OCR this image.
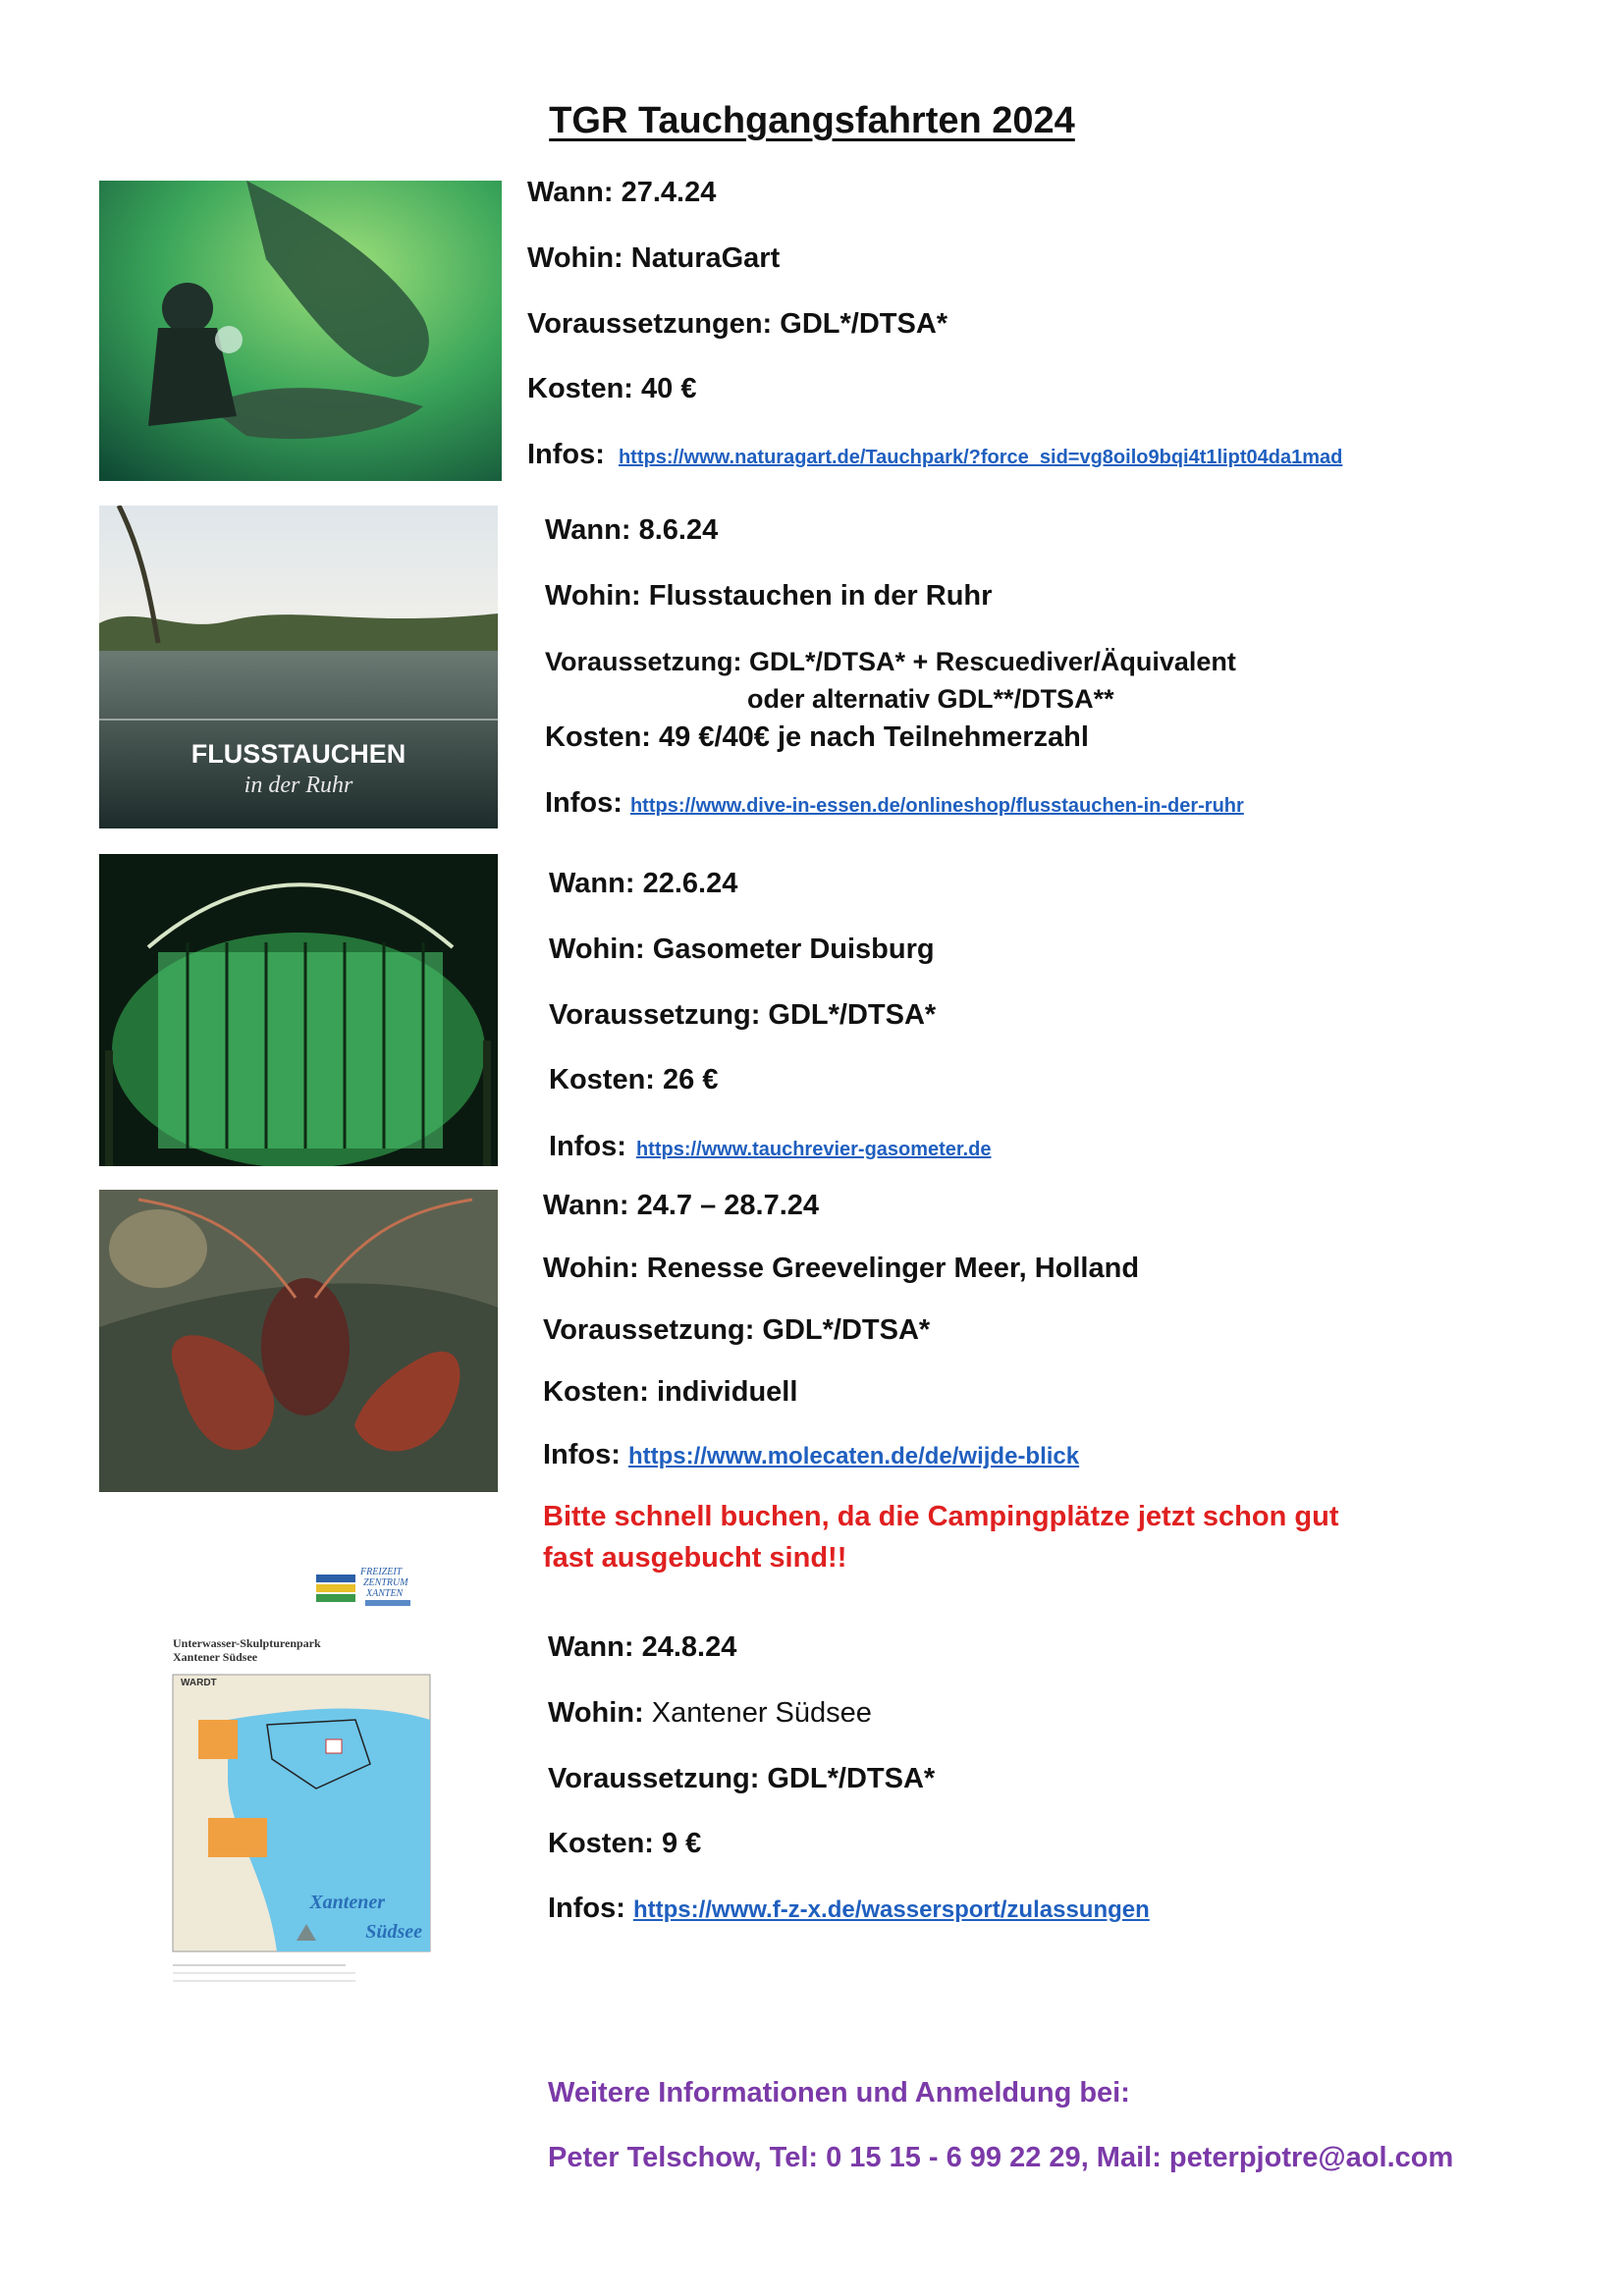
TGR Tauchgangsfahrten 2024
Wann: 27.4.24
Wohin: NaturaGart
Voraussetzungen: GDL*/DTSA*
Kosten: 40 €
Infos: https://www.naturagart.de/Tauchpark/?force_sid=vg8oilo9bqi4t1lipt04da1mad
FLUSSTAUCHEN
in der Ruhr
Wann: 8.6.24
Wohin: Flusstauchen in der Ruhr
Voraussetzung: GDL*/DTSA* + Rescuediver/Äquivalent
oder alternativ GDL**/DTSA**
Kosten: 49 €/40€ je nach Teilnehmerzahl
Infos: https://www.dive-in-essen.de/onlineshop/flusstauchen-in-der-ruhr
Wann: 22.6.24
Wohin: Gasometer Duisburg
Voraussetzung: GDL*/DTSA*
Kosten: 26 €
Infos: https://www.tauchrevier-gasometer.de
Wann: 24.7 – 28.7.24
Wohin: Renesse Greevelinger Meer, Holland
Voraussetzung: GDL*/DTSA*
Kosten: individuell
Infos: https://www.molecaten.de/de/wijde-blick
Bitte schnell buchen, da die Campingplätze jetzt schon gut
fast ausgebucht sind!!
FREIZEIT
ZENTRUM
XANTEN
Unterwasser-Skulpturenpark
Xantener Südsee
WARDT
Xantener
Südsee
Wann: 24.8.24
Wohin: Xantener Südsee
Voraussetzung: GDL*/DTSA*
Kosten: 9 €
Infos: https://www.f-z-x.de/wassersport/zulassungen
Weitere Informationen und Anmeldung bei:
Peter Telschow, Tel: 0 15 15 - 6 99 22 29, Mail: peterpjotre@aol.com
